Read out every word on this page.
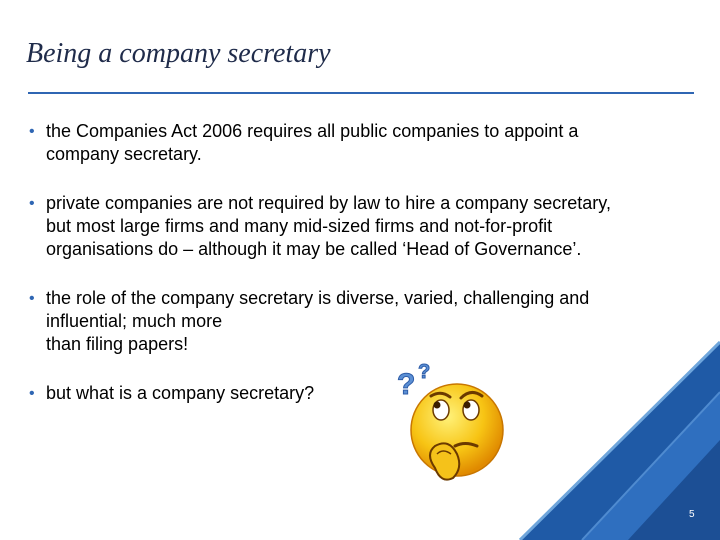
Being a company secretary
• the Companies Act 2006 requires all public companies to appoint a
company secretary.
• private companies are not required by law to hire a company secretary,
but most large firms and many mid-sized firms and not-for-profit
organisations do – although it may be called ‘Head of Governance’.
• the role of the company secretary is diverse, varied, challenging and
influential; much more
than filing papers!
• but what is a company secretary?	? ?
5
